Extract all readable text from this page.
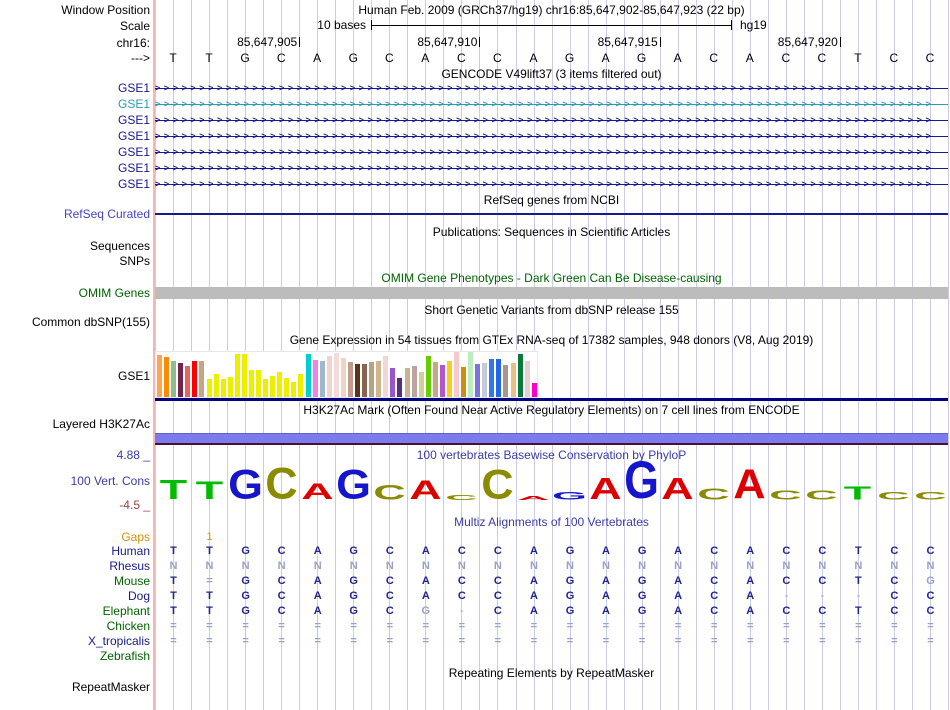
Window Position	Human Feb. 2009 (GRCh37/hg19) chr16:85,647,902-85,647,923 (22 bp)
Scale	10 bases	hg19
chr16:	85,647,905	85,647,910	85,647,915	85,647,920
--->	T	T	G	C	A	G	C	A	C	C	A	G	A	G	A	C	A	C	C	T	C	C
GENCODE V49lift37 (3 items filtered out)
GSE1 >>>>>>>>>>>>>>>>>>>>>>>>>>>>>>>>>>>>>>>>>>>>>>>>>>>>>>>>>>>>>>>>>>>>>>>>>>>>>>>>>>>>>>>>
GSE1 >>>>>>>>>>>>>>>>>>>>>>>>>>>>>>>>>>>>>>>>>>>>>>>>>>>>>>>>>>>>>>>>>>>>>>>>>>>>>>>>>>>>>>>>
GSE1 >>>>>>>>>>>>>>>>>>>>>>>>>>>>>>>>>>>>>>>>>>>>>>>>>>>>>>>>>>>>>>>>>>>>>>>>>>>>>>>>>>>>>>>>
GSE1 >>>>>>>>>>>>>>>>>>>>>>>>>>>>>>>>>>>>>>>>>>>>>>>>>>>>>>>>>>>>>>>>>>>>>>>>>>>>>>>>>>>>>>>>
GSE1 >>>>>>>>>>>>>>>>>>>>>>>>>>>>>>>>>>>>>>>>>>>>>>>>>>>>>>>>>>>>>>>>>>>>>>>>>>>>>>>>>>>>>>>>
GSE1 >>>>>>>>>>>>>>>>>>>>>>>>>>>>>>>>>>>>>>>>>>>>>>>>>>>>>>>>>>>>>>>>>>>>>>>>>>>>>>>>>>>>>>>>
GSE1 >>>>>>>>>>>>>>>>>>>>>>>>>>>>>>>>>>>>>>>>>>>>>>>>>>>>>>>>>>>>>>>>>>>>>>>>>>>>>>>>>>>>>>>>
RefSeq genes from NCBI
RefSeq Curated
Publications: Sequences in Scientific Articles
Sequences
SNPs
OMIM Gene Phenotypes - Dark Green Can Be Disease-causing
OMIM Genes
Short Genetic Variants from dbSNP release 155
Common dbSNP(155)
Gene Expression in 54 tissues from GTEx RNA-seq of 17382 samples, 948 donors (V8, Aug 2019)
GSE1
H3K27Ac Mark (Often Found Near Active Regulatory Elements) on 7 cell lines from ENCODE
Layered H3K27Ac
4.88 _	100 vertebrates Basewise Conservation by PhyloP
100 Vert. Cons
-4.5 _ T T G C A G C A C C A G A G A C A C C T C C
Multiz Alignments of 100 Vertebrates
Gaps	1
Human	T	T	G	C	A	G	C	A	C	C	A	G	A	G	A	C	A	C	C	T	C	C
Rhesus	N	N	N	N	N	N	N	N	N	N	N	N	N	N	N	N	N	N	N	N	N	N
Mouse	T	=	G	C	A	G	C	A	C	C	A	G	A	G	A	C	A	C	C	T	C	G
Dog	T	T	G	C	A	G	C	A	C	C	A	G	A	G	A	C	A	-	-	-	C	C
Elephant	T	T	G	C	A	G	C	G	-	C	A	G	A	G	A	C	A	C	C	T	C	C
Chicken	=	=	=	=	=	=	=	=	=	=	=	=	=	=	=	=	=	=	=	=	=	=
X_tropicalis	=	=	=	=	=	=	=	=	=	=	=	=	=	=	=	=	=	=	=	=	=	=
Zebrafish
Repeating Elements by RepeatMasker
RepeatMasker
